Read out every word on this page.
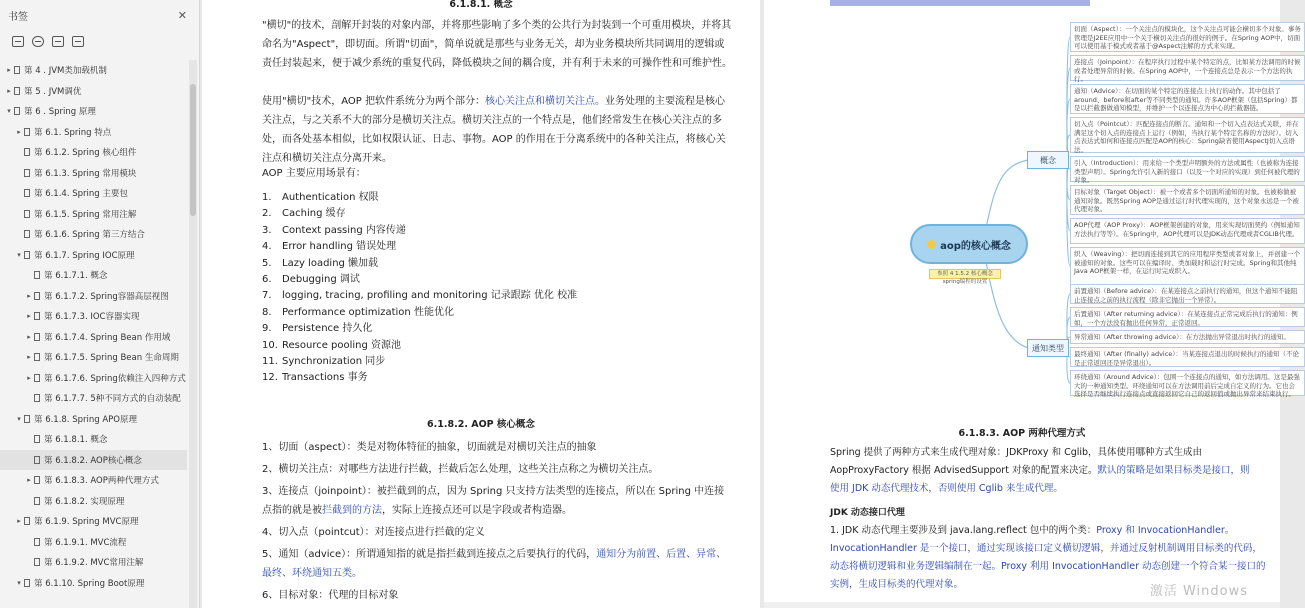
书签	✕
▸	第 4 . JVM类加载机制
▸	第 5 . JVM调优
▾	第 6 . Spring 原理
▸	第 6.1. Spring 特点
第 6.1.2. Spring 核心组件
第 6.1.3. Spring 常用模块
第 6.1.4. Spring 主要包
第 6.1.5. Spring 常用注解
第 6.1.6. Spring 第三方结合
▾	第 6.1.7. Spring IOC原理
第 6.1.7.1. 概念
▸	第 6.1.7.2. Spring容器高层视图
▸	第 6.1.7.3. IOC容器实现
▸	第 6.1.7.4. Spring Bean 作用域
▸	第 6.1.7.5. Spring Bean 生命周期
▸	第 6.1.7.6. Spring依赖注入四种方式
第 6.1.7.7. 5种不同方式的自动装配
▾	第 6.1.8. Spring APO原理
第 6.1.8.1. 概念
第 6.1.8.2. AOP核心概念
▸	第 6.1.8.3. AOP两种代理方式
第 6.1.8.2. 实现原理
▸	第 6.1.9. Spring MVC原理
第 6.1.9.1. MVC流程
第 6.1.9.2. MVC常用注解
▾	第 6.1.10. Spring Boot原理
6.1.8.1. 概念
"横切"的技术，剖解开封装的对象内部，并将那些影响了多个类的公共行为封装到一个可重用模块，并将其命名为"Aspect"，即切面。所谓"切面"，简单说就是那些与业务无关，却为业务模块所共同调用的逻辑或责任封装起来，便于减少系统的重复代码，降低模块之间的耦合度，并有利于未来的可操作性和可维护性。
使用"横切"技术，AOP 把软件系统分为两个部分：核心关注点和横切关注点。业务处理的主要流程是核心关注点，与之关系不大的部分是横切关注点。横切关注点的一个特点是，他们经常发生在核心关注点的多处，而各处基本相似，比如权限认证、日志、事物。AOP 的作用在于分离系统中的各种关注点，将核心关注点和横切关注点分离开来。
AOP 主要应用场景有：
1. Authentication 权限
2. Caching 缓存
3. Context passing 内容传递
4. Error handling 错误处理
5. Lazy loading 懒加载
6. Debugging 调试
7. logging, tracing, profiling and monitoring 记录跟踪 优化 校准
8. Performance optimization 性能优化
9. Persistence 持久化
10. Resource pooling 资源池
11. Synchronization 同步
12. Transactions 事务
6.1.8.2. AOP 核心概念

1、切面（aspect）：类是对物体特征的抽象，切面就是对横切关注点的抽象

2、横切关注点：对哪些方法进行拦截，拦截后怎么处理，这些关注点称之为横切关注点。

3、连接点（joinpoint）：被拦截到的点，因为 Spring 只支持方法类型的连接点，所以在 Spring 中连接点指的就是被拦截到的方法，实际上连接点还可以是字段或者构造器。

4、切入点（pointcut）：对连接点进行拦截的定义

5、通知（advice）：所谓通知指的就是指拦截到连接点之后要执行的代码，通知分为前置、后置、异常、最终、环绕通知五类。

6、目标对象：代理的目标对象

aop的核心概念
参照 4 1.5.2 核心概念 spring编程的设置
概念
通知类型
切面（Aspect）：一个关注点的模块化，这个关注点可能会横切多个对象。事务管理是J2EE应用中一个关于横切关注点的很好的例子。在Spring AOP中，切面可以使用基于模式或者基于@Aspect注解的方式来实现。
连接点（Joinpoint）：在程序执行过程中某个特定的点，比如某方法调用的时候或者处理异常的时候。在Spring AOP中，一个连接点总是表示一个方法的执行。
通知（Advice）：在切面的某个特定的连接点上执行的动作。其中包括了around、before和after等不同类型的通知。许多AOP框架（包括Spring）都是以拦截器做通知模型，并维护一个以连接点为中心的拦截器链。
切入点（Pointcut）：匹配连接点的断言。通知和一个切入点表达式关联，并在满足这个切入点的连接点上运行（例如，当执行某个特定名称的方法时）。切入点表达式如何和连接点匹配是AOP的核心：Spring缺省使用AspectJ切入点语法。
引入（Introduction）：用来给一个类型声明额外的方法或属性（也被称为连接类型声明）。Spring允许引入新的接口（以及一个对应的实现）到任何被代理的对象。
目标对象（Target Object）：被一个或者多个切面所通知的对象。也被称做被通知对象。既然Spring AOP是通过运行时代理实现的，这个对象永远是一个被代理对象。
AOP代理（AOP Proxy）：AOP框架创建的对象，用来实现切面契约（例如通知方法执行等等）。在Spring中，AOP代理可以是JDK动态代理或者CGLIB代理。
织入（Weaving）：把切面连接到其它的应用程序类型或者对象上，并创建一个被通知的对象。这些可以在编译时、类加载时和运行时完成。Spring和其他纯Java AOP框架一样，在运行时完成织入。
前置通知（Before advice）：在某连接点之前执行的通知，但这个通知不能阻止连接点之前的执行流程（除非它抛出一个异常）。
后置通知（After returning advice）：在某连接点正常完成后执行的通知：例如，一个方法没有抛出任何异常，正常返回。
异常通知（After throwing advice）：在方法抛出异常退出时执行的通知。
最终通知（After (finally) advice）：当某连接点退出的时候执行的通知（不论是正常返回还是异常退出）。
环绕通知（Around Advice）：包围一个连接点的通知，如方法调用。这是最强大的一种通知类型。环绕通知可以在方法调用前后完成自定义的行为。它也会选择是否继续执行连接点或直接返回它自己的返回值或抛出异常来结束执行。
6.1.8.3. AOP 两种代理方式
Spring 提供了两种方式来生成代理对象：JDKProxy 和 Cglib，具体使用哪种方式生成由 AopProxyFactory 根据 AdvisedSupport 对象的配置来决定。默认的策略是如果目标类是接口，则使用 JDK 动态代理技术，否则使用 Cglib 来生成代理。
JDK 动态接口代理
1. JDK 动态代理主要涉及到 java.lang.reflect 包中的两个类：Proxy 和 InvocationHandler。InvocationHandler 是一个接口，通过实现该接口定义横切逻辑，并通过反射机制调用目标类的代码，动态将横切逻辑和业务逻辑编制在一起。Proxy 利用 InvocationHandler 动态创建一个符合某一接口的实例，生成目标类的代理对象。	激活 Windows
